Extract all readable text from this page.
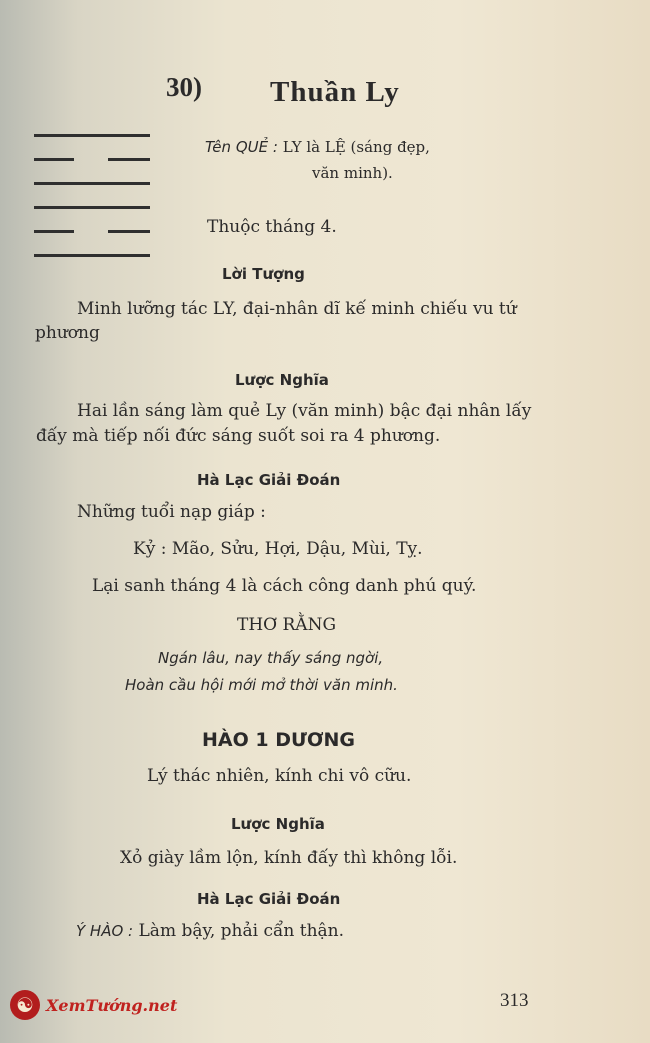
30) Thuần Ly
Tên QUẺ : LY là LỆ (sáng đẹp,
văn minh).
Thuộc tháng 4.
Lời Tượng
Minh lưỡng tác LY, đại-nhân dĩ kế minh chiếu vu tứ
phương
Lược Nghĩa
Hai lần sáng làm quẻ Ly (văn minh) bậc đại nhân lấy
đấy mà tiếp nối đức sáng suốt soi ra 4 phương.
Hà Lạc Giải Đoán
Những tuổi nạp giáp :
Kỷ : Mão, Sửu, Hợi, Dậu, Mùi, Tỵ.
Lại sanh tháng 4 là cách công danh phú quý.
THƠ RẰNG
Ngán lâu, nay thấy sáng ngời,
Hoàn cầu hội mới mở thời văn minh.
HÀO 1 DƯƠNG
Lý thác nhiên, kính chi vô cữu.
Lược Nghĩa
Xỏ giày lầm lộn, kính đấy thì không lỗi.
Hà Lạc Giải Đoán
Ý HÀO : Làm bậy, phải cẩn thận.
☯ XemTướng.net	313
